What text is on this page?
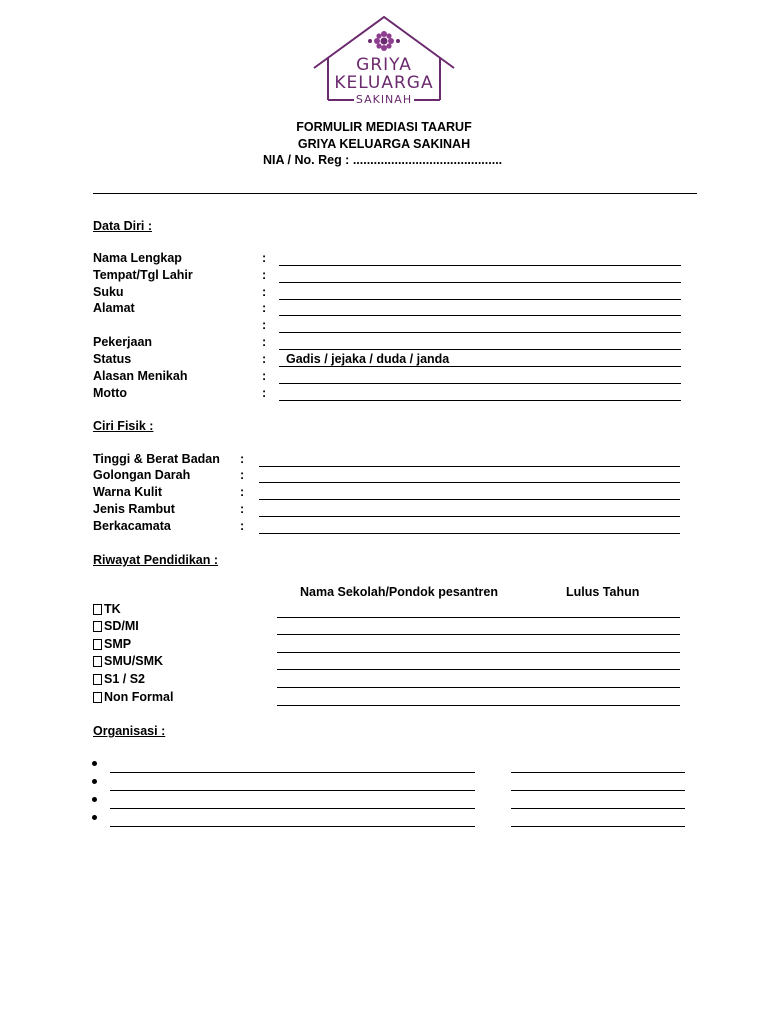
GRIYA
KELUARGA
SAKINAH
FORMULIR MEDIASI TAARUF
GRIYA KELUARGA SAKINAH
NIA / No. Reg : ...........................................
Data Diri :
Nama Lengkap	:
Tempat/Tgl Lahir	:
Suku	:
Alamat	:
:
Pekerjaan	:
Status	: Gadis / jejaka / duda / janda
Alasan Menikah	:
Motto	:
Ciri Fisik :
Tinggi & Berat Badan :
Golongan Darah	:
Warna Kulit	:
Jenis Rambut	:
Berkacamata	:
Riwayat Pendidikan :
Nama Sekolah/Pondok pesantren	Lulus Tahun
TK
SD/MI
SMP
SMU/SMK
S1 / S2
Non Formal
Organisasi :
